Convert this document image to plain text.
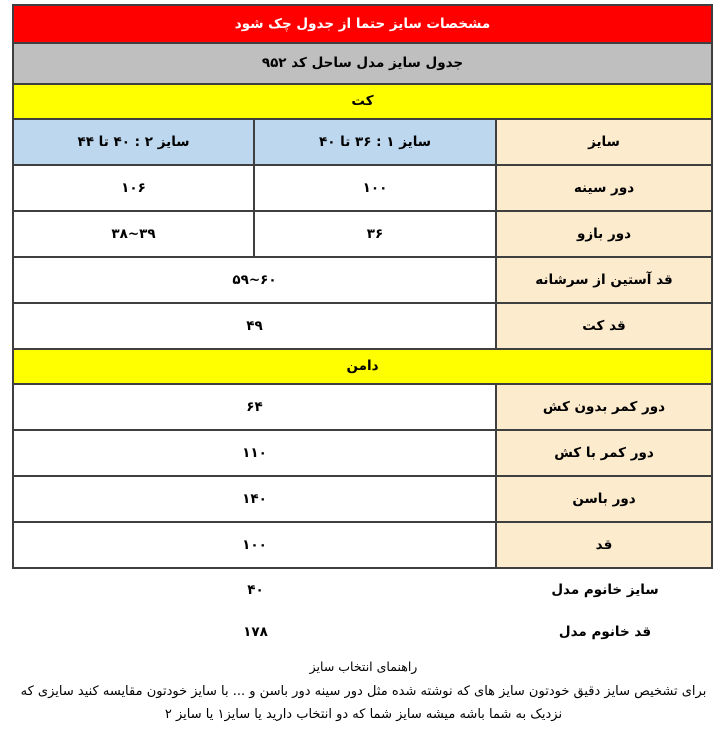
مشخصات سایز حتما از جدول چک شود		
جدول سایز مدل ساحل کد ۹۵۲		
کت		
سایز	سایز ۱ : ۳۶ تا ۴۰	سایز ۲ : ۴۰ تا ۴۴
دور سینه	۱۰۰	۱۰۶
دور بازو	۳۶	۳۹~۳۸
قد آستین از سرشانه	۶۰~۵۹	
قد کت	۴۹	
دامن		
دور کمر بدون کش	۶۴	
دور کمر با کش	۱۱۰	
دور باسن	۱۴۰	
قد	۱۰۰	
سایز خانوم مدل	۴۰
قد خانوم مدل	۱۷۸
راهنمای انتخاب سایز
برای تشخیص سایز دقیق خودتون سایز های که نوشته شده مثل دور سینه دور باسن و ... با سایز خودتون مقایسه کنید سایزی که
نزدیک به شما باشه میشه سایز شما که دو انتخاب دارید یا سایز۱ یا سایز ۲
